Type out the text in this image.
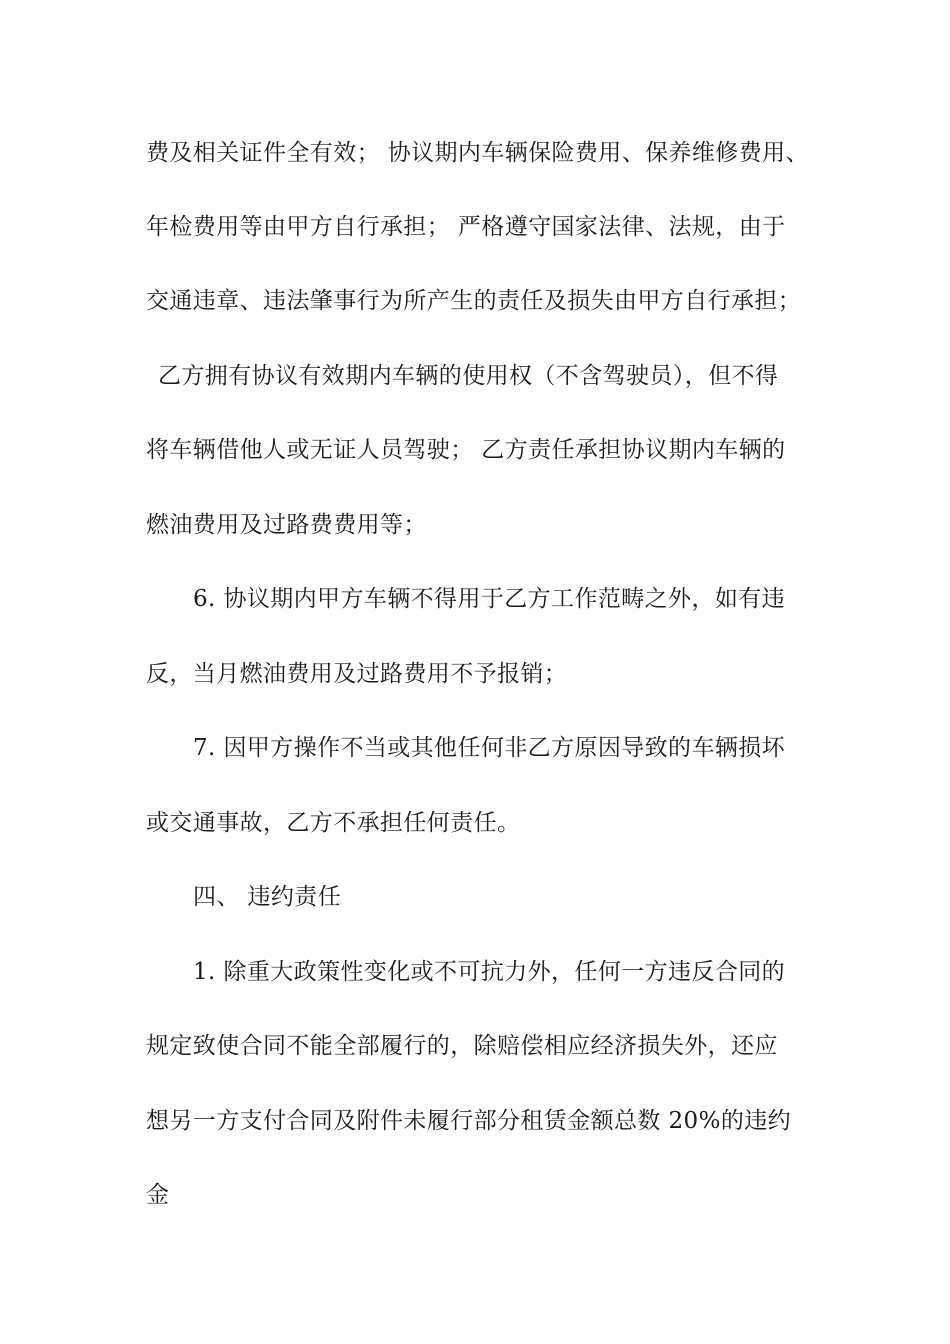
费及相关证件全有效； 协议期内车辆保险费用、保养维修费用、
年检费用等由甲方自行承担； 严格遵守国家法律、法规，由于
交通违章、违法肇事行为所产生的责任及损失由甲方自行承担；
乙方拥有协议有效期内车辆的使用权（不含驾驶员），但不得
将车辆借他人或无证人员驾驶； 乙方责任承担协议期内车辆的
燃油费用及过路费费用等；
6. 协议期内甲方车辆不得用于乙方工作范畴之外，如有违
反，当月燃油费用及过路费用不予报销；
7. 因甲方操作不当或其他任何非乙方原因导致的车辆损坏
或交通事故，乙方不承担任何责任。
四、 违约责任
1. 除重大政策性变化或不可抗力外，任何一方违反合同的
规定致使合同不能全部履行的，除赔偿相应经济损失外，还应
想另一方支付合同及附件未履行部分租赁金额总数 20%的违约
金
